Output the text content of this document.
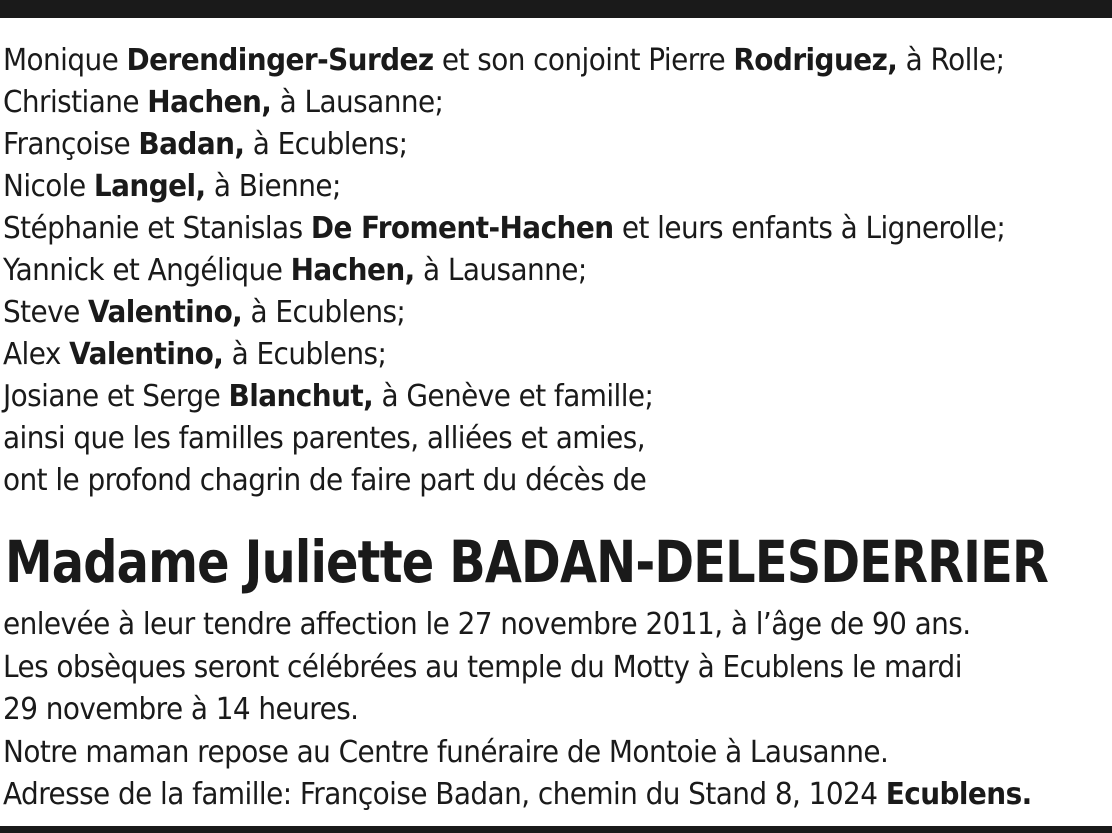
Monique Derendinger-Surdez et son conjoint Pierre Rodriguez, à Rolle;
Christiane Hachen, à Lausanne;
Françoise Badan, à Ecublens;
Nicole Langel, à Bienne;
Stéphanie et Stanislas De Froment-Hachen et leurs enfants à Lignerolle;
Yannick et Angélique Hachen, à Lausanne;
Steve Valentino, à Ecublens;
Alex Valentino, à Ecublens;
Josiane et Serge Blanchut, à Genève et famille;
ainsi que les familles parentes, alliées et amies,
ont le profond chagrin de faire part du décès de
Madame Juliette BADAN-DELESDERRIER
enlevée à leur tendre affection le 27 novembre 2011, à l’âge de 90 ans.
Les obsèques seront célébrées au temple du Motty à Ecublens le mardi
29 novembre à 14 heures.
Notre maman repose au Centre funéraire de Montoie à Lausanne.
Adresse de la famille: Françoise Badan, chemin du Stand 8, 1024 Ecublens.
